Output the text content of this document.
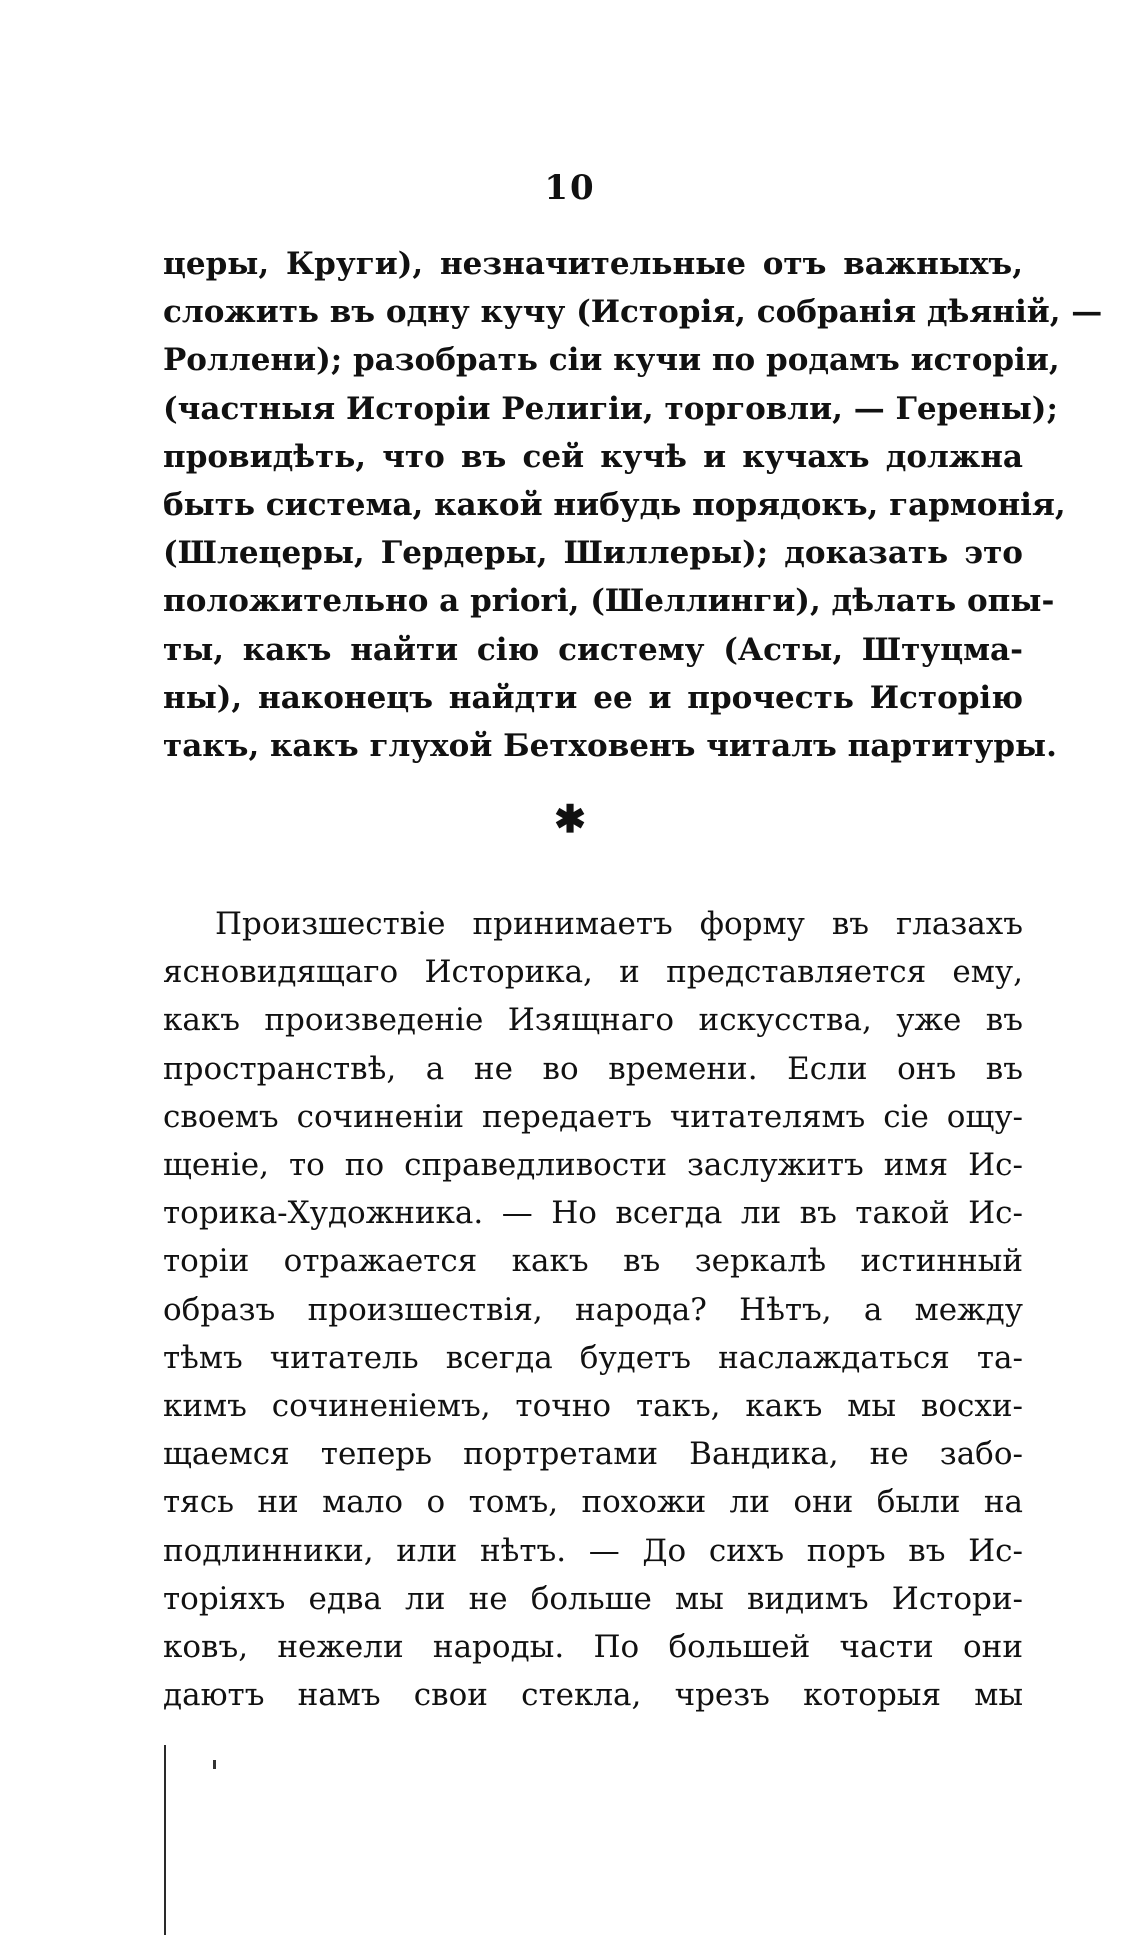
10
церы, Круги), незначительные отъ важныхъ,
сложить въ одну кучу (Исторія, собранія дѣяній, —
Роллени); разобрать сіи кучи по родамъ исторіи,
(частныя Исторіи Религіи, торговли, — Герены);
провидѣть, что въ сей кучѣ и кучахъ должна
быть система, какой нибудь порядокъ, гармонія,
(Шлецеры, Гердеры, Шиллеры); доказать это
положительно a priori, (Шеллинги), дѣлать опы-
ты, какъ найти сію систему (Асты, Штуцма-
ны), наконецъ найдти ее и прочесть Исторію
такъ, какъ глухой Бетховенъ читалъ партитуры.
✱
Произшествіе принимаетъ форму въ глазахъ
ясновидящаго Историка, и представляется ему,
какъ произведеніе Изящнаго искусства, уже въ
пространствѣ, а не во времени. Если онъ въ
своемъ сочиненіи передаетъ читателямъ сіе ощу-
щеніе, то по справедливости заслужитъ имя Ис-
торика-Художника. — Но всегда ли въ такой Ис-
торіи отражается какъ въ зеркалѣ истинный
образъ произшествія, народа? Нѣтъ, а между
тѣмъ читатель всегда будетъ наслаждаться та-
кимъ сочиненіемъ, точно такъ, какъ мы восхи-
щаемся теперь портретами Вандика, не забо-
тясь ни мало о томъ, похожи ли они были на
подлинники, или нѣтъ. — До сихъ поръ въ Ис-
торіяхъ едва ли не больше мы видимъ Истори-
ковъ, нежели народы. По большей части они
даютъ намъ свои стекла, чрезъ которыя мы
